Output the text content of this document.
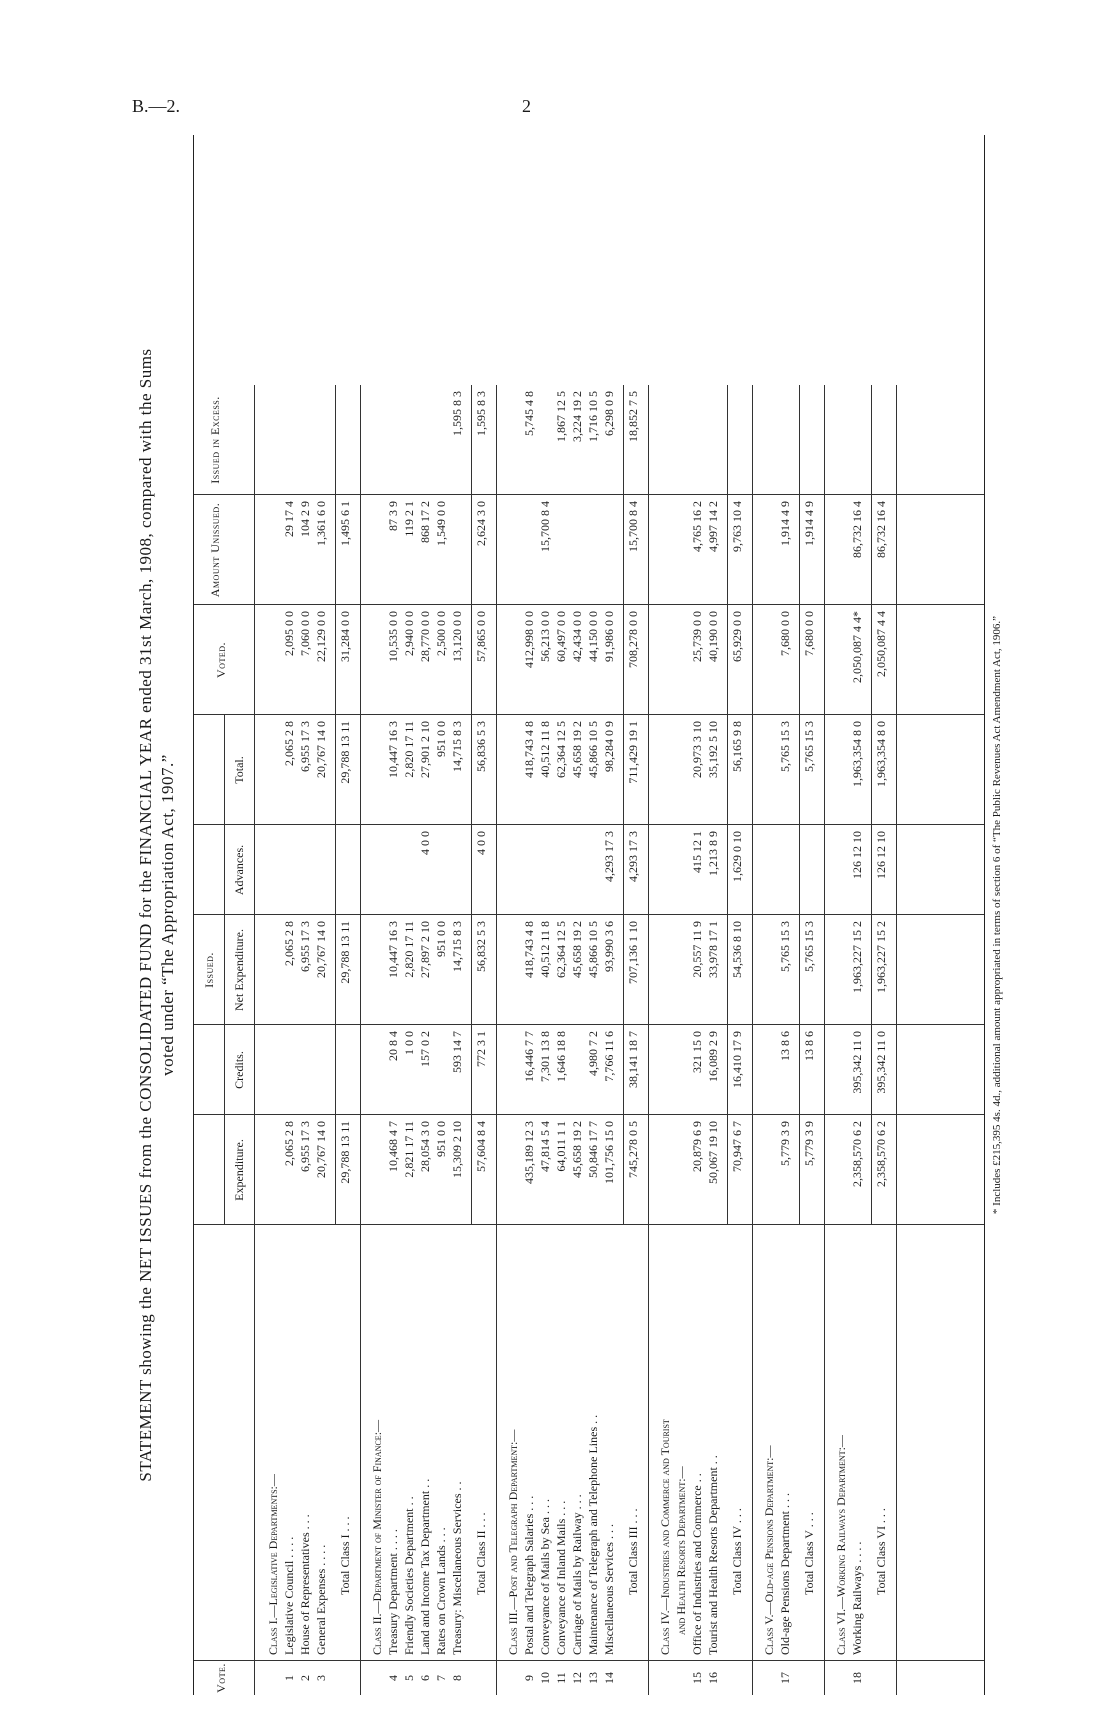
B.—2.	2
STATEMENT showing the NET ISSUES from the CONSOLIDATED FUND for the FINANCIAL YEAR ended 31st March, 1908, compared with the Sums voted under “The Appropriation Act, 1907.”
Vote.
Issued.
Expenditure.
Credits.
Net Expenditure.
Advances.
Total.
Voted.
Amount Unissued.
Issued in Excess.
Class I.—Legislative Departments:—
1
Legislative Council . . . .
2,065 2 8
2,065 2 8
2,065 2 8
2,095 0 0
29 17 4
2
House of Representatives . . .
6,955 17 3
6,955 17 3
6,955 17 3
7,060 0 0
104 2 9
3
General Expenses . . . .
20,767 14 0
20,767 14 0
20,767 14 0
22,129 0 0
1,361 6 0
Total Class I . . .
29,788 13 11
29,788 13 11
29,788 13 11
31,284 0 0
1,495 6 1
Class II.—Department of Minister of Finance:—
4
Treasury Department . . . .
10,468 4 7
20 8 4
10,447 16 3
10,447 16 3
10,535 0 0
87 3 9
5
Friendly Societies Department . .
2,821 17 11
1 0 0
2,820 17 11
2,820 17 11
2,940 0 0
119 2 1
6
Land and Income Tax Department . .
28,054 3 0
157 0 2
27,897 2 10
4 0 0
27,901 2 10
28,770 0 0
868 17 2
7
Rates on Crown Lands . . .
951 0 0
951 0 0
951 0 0
2,500 0 0
1,549 0 0
8
Treasury: Miscellaneous Services . .
15,309 2 10
593 14 7
14,715 8 3
14,715 8 3
13,120 0 0
1,595 8 3
Total Class II . . .
57,604 8 4
772 3 1
56,832 5 3
4 0 0
56,836 5 3
57,865 0 0
2,624 3 0
1,595 8 3
Class III.—Post and Telegraph Department:—
9
Postal and Telegraph Salaries . . .
435,189 12 3
16,446 7 7
418,743 4 8
418,743 4 8
412,998 0 0
5,745 4 8
10
Conveyance of Mails by Sea . . .
47,814 5 4
7,301 13 8
40,512 11 8
40,512 11 8
56,213 0 0
15,700 8 4
11
Conveyance of Inland Mails . . .
64,011 1 1
1,646 18 8
62,364 12 5
62,364 12 5
60,497 0 0
1,867 12 5
12
Carriage of Mails by Railway . . .
45,658 19 2
45,658 19 2
45,658 19 2
42,434 0 0
3,224 19 2
13
Maintenance of Telegraph and Telephone Lines . .
50,846 17 7
4,980 7 2
45,866 10 5
45,866 10 5
44,150 0 0
1,716 10 5
14
Miscellaneous Services . . .
101,756 15 0
7,766 11 6
93,990 3 6
4,293 17 3
98,284 0 9
91,986 0 0
6,298 0 9
Total Class III . . .
745,278 0 5
38,141 18 7
707,136 1 10
4,293 17 3
711,429 19 1
708,278 0 0
15,700 8 4
18,852 7 5
Class IV.—Industries and Commerce and Tourist and Health Resorts Department:—
15
Office of Industries and Commerce . .
20,879 6 9
321 15 0
20,557 11 9
415 12 1
20,973 3 10
25,739 0 0
4,765 16 2
16
Tourist and Health Resorts Department . .
50,067 19 10
16,089 2 9
33,978 17 1
1,213 8 9
35,192 5 10
40,190 0 0
4,997 14 2
Total Class IV . . .
70,947 6 7
16,410 17 9
54,536 8 10
1,629 0 10
56,165 9 8
65,929 0 0
9,763 10 4
Class V.—Old-age Pensions Department:—
17
Old-age Pensions Department . . .
5,779 3 9
13 8 6
5,765 15 3
5,765 15 3
7,680 0 0
1,914 4 9
Total Class V . . .
5,779 3 9
13 8 6
5,765 15 3
5,765 15 3
7,680 0 0
1,914 4 9
Class VI.—Working Railways Department:—
18
Working Railways . . . .
2,358,570 6 2
395,342 11 0
1,963,227 15 2
126 12 10
1,963,354 8 0
2,050,087 4 4*
86,732 16 4
Total Class VI . . .
2,358,570 6 2
395,342 11 0
1,963,227 15 2
126 12 10
1,963,354 8 0
2,050,087 4 4
86,732 16 4
* Includes £215,395 4s. 4d., additional amount appropriated in terms of section 6 of “The Public Revenues Act Amendment Act, 1906.”
